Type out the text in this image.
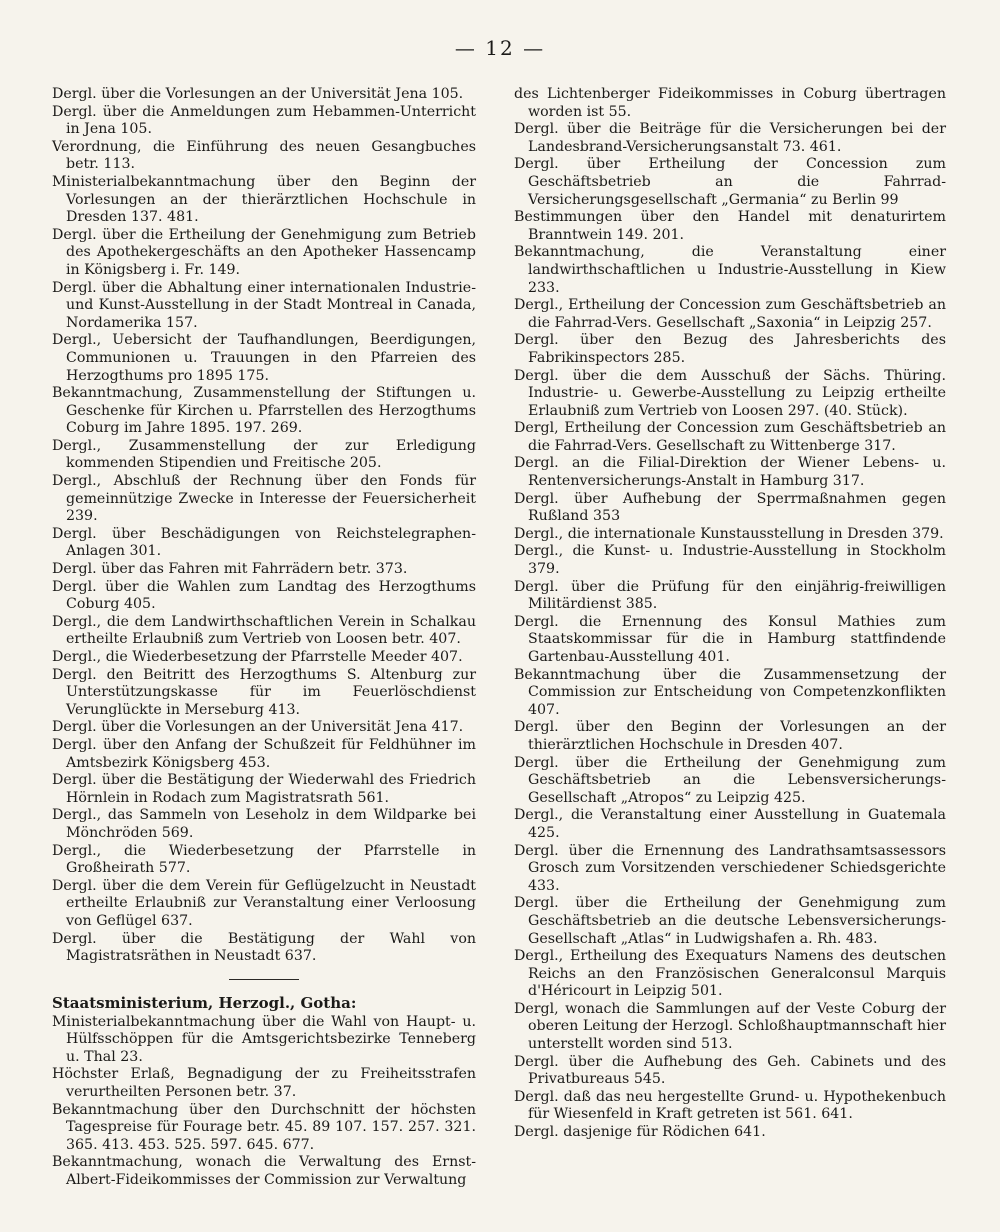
— 12 —

Dergl. über die Vorlesungen an der Universität Jena 105.

Dergl. über die Anmeldungen zum Hebammen-Unterricht in Jena 105.

Verordnung, die Einführung des neuen Gesangbuches betr. 113.

Ministerialbekanntmachung über den Beginn der Vorlesungen an der thierärztlichen Hochschule in Dresden 137. 481.

Dergl. über die Ertheilung der Genehmigung zum Betrieb des Apothekergeschäfts an den Apotheker Hassencamp in Königsberg i. Fr. 149.

Dergl. über die Abhaltung einer internationalen Industrie- und Kunst-Ausstellung in der Stadt Montreal in Canada, Nordamerika 157.

Dergl., Uebersicht der Taufhandlungen, Beerdigungen, Communionen u. Trauungen in den Pfarreien des Herzogthums pro 1895 175.

Bekanntmachung, Zusammenstellung der Stiftungen u. Geschenke für Kirchen u. Pfarrstellen des Herzogthums Coburg im Jahre 1895. 197. 269.

Dergl., Zusammenstellung der zur Erledigung kommenden Stipendien und Freitische 205.

Dergl., Abschluß der Rechnung über den Fonds für gemeinnützige Zwecke in Interesse der Feuersicherheit 239.

Dergl. über Beschädigungen von Reichstelegraphen-Anlagen 301.

Dergl. über das Fahren mit Fahrrädern betr. 373.

Dergl. über die Wahlen zum Landtag des Herzogthums Coburg 405.

Dergl., die dem Landwirthschaftlichen Verein in Schalkau ertheilte Erlaubniß zum Vertrieb von Loosen betr. 407.

Dergl., die Wiederbesetzung der Pfarrstelle Meeder 407.

Dergl. den Beitritt des Herzogthums S. Altenburg zur Unterstützungskasse für im Feuerlöschdienst Verunglückte in Merseburg 413.

Dergl. über die Vorlesungen an der Universität Jena 417.

Dergl. über den Anfang der Schußzeit für Feldhühner im Amtsbezirk Königsberg 453.

Dergl. über die Bestätigung der Wiederwahl des Friedrich Hörnlein in Rodach zum Magistratsrath 561.

Dergl., das Sammeln von Leseholz in dem Wildparke bei Mönchröden 569.

Dergl., die Wiederbesetzung der Pfarrstelle in Großheirath 577.

Dergl. über die dem Verein für Geflügelzucht in Neustadt ertheilte Erlaubniß zur Veranstaltung einer Verloosung von Geflügel 637.

Dergl. über die Bestätigung der Wahl von Magistratsräthen in Neustadt 637.

Staatsministerium, Herzogl., Gotha:

Ministerialbekanntmachung über die Wahl von Haupt- u. Hülfsschöppen für die Amtsgerichtsbezirke Tenneberg u. Thal 23.

Höchster Erlaß, Begnadigung der zu Freiheitsstrafen verurtheilten Personen betr. 37.

Bekanntmachung über den Durchschnitt der höchsten Tagespreise für Fourage betr. 45. 89 107. 157. 257. 321. 365. 413. 453. 525. 597. 645. 677.

Bekanntmachung, wonach die Verwaltung des Ernst-Albert-Fideikommisses der Commission zur Verwaltung

des Lichtenberger Fideikommisses in Coburg übertragen worden ist 55.

Dergl. über die Beiträge für die Versicherungen bei der Landesbrand-Versicherungsanstalt 73. 461.

Dergl. über Ertheilung der Concession zum Geschäftsbetrieb an die Fahrrad-Versicherungsgesellschaft „Germania“ zu Berlin 99

Bestimmungen über den Handel mit denaturirtem Branntwein 149. 201.

Bekanntmachung, die Veranstaltung einer landwirthschaftlichen u Industrie-Ausstellung in Kiew 233.

Dergl., Ertheilung der Concession zum Geschäftsbetrieb an die Fahrrad-Vers. Gesellschaft „Saxonia“ in Leipzig 257.

Dergl. über den Bezug des Jahresberichts des Fabrikinspectors 285.

Dergl. über die dem Ausschuß der Sächs. Thüring. Industrie- u. Gewerbe-Ausstellung zu Leipzig ertheilte Erlaubniß zum Vertrieb von Loosen 297. (40. Stück).

Dergl, Ertheilung der Concession zum Geschäftsbetrieb an die Fahrrad-Vers. Gesellschaft zu Wittenberge 317.

Dergl. an die Filial-Direktion der Wiener Lebens- u. Rentenversicherungs-Anstalt in Hamburg 317.

Dergl. über Aufhebung der Sperrmaßnahmen gegen Rußland 353

Dergl., die internationale Kunstausstellung in Dresden 379.

Dergl., die Kunst- u. Industrie-Ausstellung in Stockholm 379.

Dergl. über die Prüfung für den einjährig-freiwilligen Militärdienst 385.

Dergl. die Ernennung des Konsul Mathies zum Staatskommissar für die in Hamburg stattfindende Gartenbau-Ausstellung 401.

Bekanntmachung über die Zusammensetzung der Commission zur Entscheidung von Competenzkonflikten 407.

Dergl. über den Beginn der Vorlesungen an der thierärztlichen Hochschule in Dresden 407.

Dergl. über die Ertheilung der Genehmigung zum Geschäftsbetrieb an die Lebensversicherungs-Gesellschaft „Atropos“ zu Leipzig 425.

Dergl., die Veranstaltung einer Ausstellung in Guatemala 425.

Dergl. über die Ernennung des Landrathsamtsassessors Grosch zum Vorsitzenden verschiedener Schiedsgerichte 433.

Dergl. über die Ertheilung der Genehmigung zum Geschäftsbetrieb an die deutsche Lebensversicherungs-Gesellschaft „Atlas“ in Ludwigshafen a. Rh. 483.

Dergl., Ertheilung des Exequaturs Namens des deutschen Reichs an den Französischen Generalconsul Marquis d'Héricourt in Leipzig 501.

Dergl, wonach die Sammlungen auf der Veste Coburg der oberen Leitung der Herzogl. Schloßhauptmannschaft hier unterstellt worden sind 513.

Dergl. über die Aufhebung des Geh. Cabinets und des Privatbureaus 545.

Dergl. daß das neu hergestellte Grund- u. Hypothekenbuch für Wiesenfeld in Kraft getreten ist 561. 641.

Dergl. dasjenige für Rödichen 641.
